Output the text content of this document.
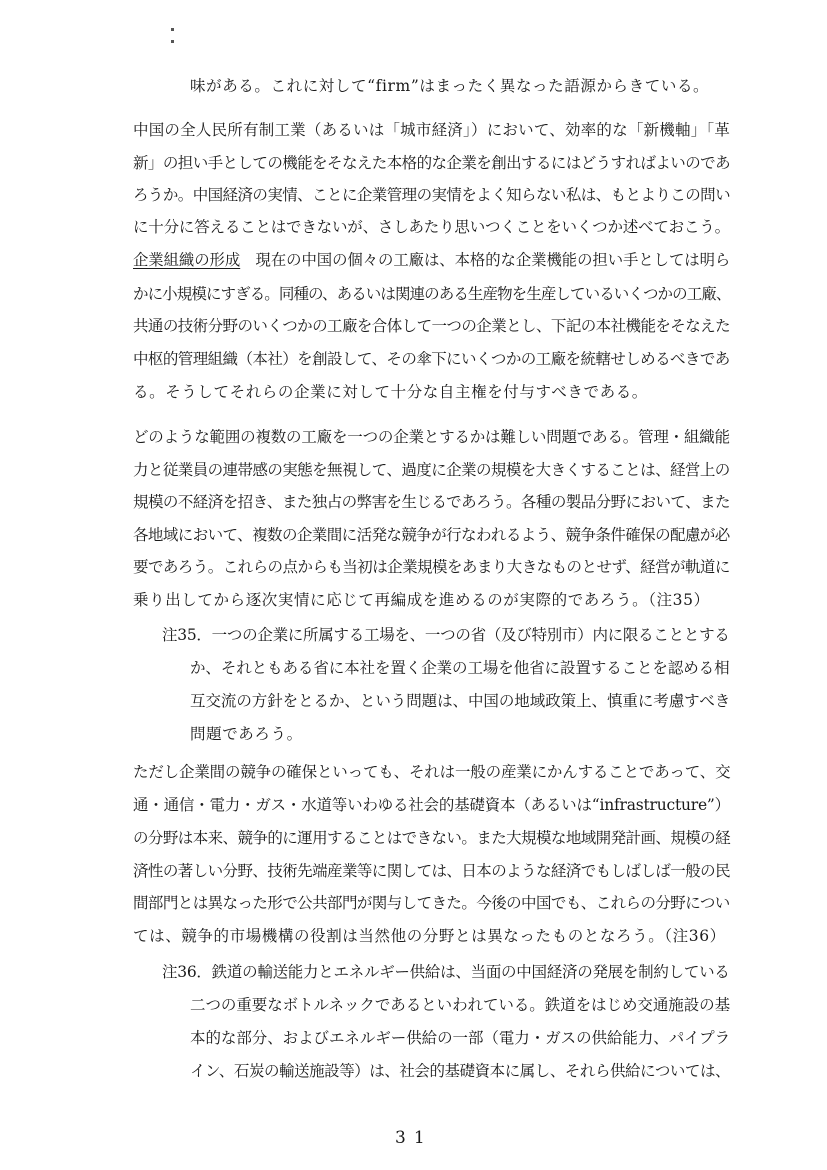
味がある。これに対して“firm”はまったく異なった語源からきている。
中国の全人民所有制工業（あるいは「城市経済」）において、効率的な「新機軸」「革
新」の担い手としての機能をそなえた本格的な企業を創出するにはどうすればよいのであ
ろうか。中国経済の実情、ことに企業管理の実情をよく知らない私は、もとよりこの問い
に十分に答えることはできないが、さしあたり思いつくことをいくつか述べておこう。
企業組織の形成　 現在の中国の個々の工廠は、本格的な企業機能の担い手としては明ら
かに小規模にすぎる。同種の、あるいは関連のある生産物を生産しているいくつかの工廠、
共通の技術分野のいくつかの工廠を合体して一つの企業とし、下記の本社機能をそなえた
中枢的管理組織（本社）を創設して、その傘下にいくつかの工廠を統轄せしめるべきであ
る。そうしてそれらの企業に対して十分な自主権を付与すべきである。
どのような範囲の複数の工廠を一つの企業とするかは難しい問題である。管理・組織能
力と従業員の連帯感の実態を無視して、過度に企業の規模を大きくすることは、経営上の
規模の不経済を招き、また独占の弊害を生じるであろう。各種の製品分野において、また
各地域において、複数の企業間に活発な競争が行なわれるよう、競争条件確保の配慮が必
要であろう。これらの点からも当初は企業規模をあまり大きなものとせず、経営が軌道に
乗り出してから逐次実情に応じて再編成を進めるのが実際的であろう。（注35）
注35．一つの企業に所属する工場を、一つの省（及び特別市）内に限ることとする
か、それともある省に本社を置く企業の工場を他省に設置することを認める相
互交流の方針をとるか、という問題は、中国の地域政策上、慎重に考慮すべき
問題であろう。
ただし企業間の競争の確保といっても、それは一般の産業にかんすることであって、交
通・通信・電力・ガス・水道等いわゆる社会的基礎資本（あるいは“infrastructure”）
の分野は本来、競争的に運用することはできない。また大規模な地域開発計画、規模の経
済性の著しい分野、技術先端産業等に関しては、日本のような経済でもしばしば一般の民
間部門とは異なった形で公共部門が関与してきた。今後の中国でも、これらの分野につい
ては、競争的市場機構の役割は当然他の分野とは異なったものとなろう。（注36）
注36．鉄道の輸送能力とエネルギー供給は、当面の中国経済の発展を制約している
二つの重要なボトルネックであるといわれている。鉄道をはじめ交通施設の基
本的な部分、およびエネルギー供給の一部（電力・ガスの供給能力、パイプラ
イン、石炭の輸送施設等）は、社会的基礎資本に属し、それら供給については、
31
